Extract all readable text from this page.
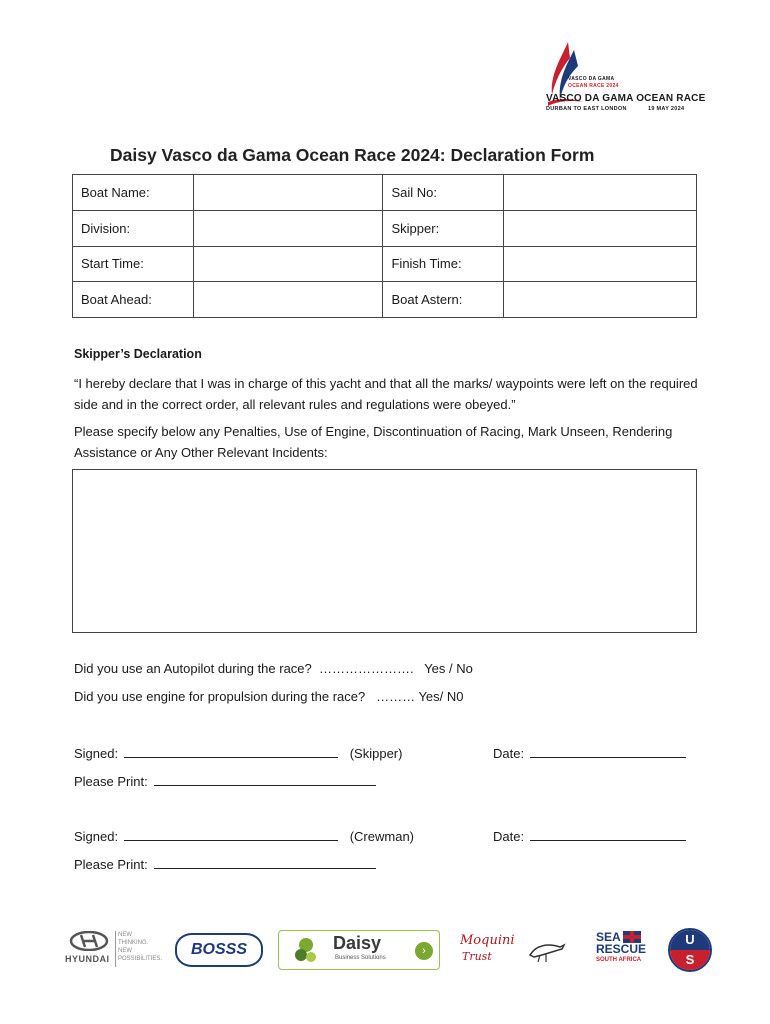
VASCO DA GAMA
OCEAN RACE 2024
VASCO DA GAMA OCEAN RACE
DURBAN TO EAST LONDON	19 MAY 2024
Daisy Vasco da Gama Ocean Race 2024: Declaration Form
Boat Name:		Sail No:	
Division:		Skipper:	
Start Time:		Finish Time:	
Boat Ahead:		Boat Astern:	
Skipper’s Declaration
“I hereby declare that I was in charge of this yacht and that all the marks/ waypoints were left on the required side and in the correct order, all relevant rules and regulations were obeyed.”
Please specify below any Penalties, Use of Engine, Discontinuation of Racing, Mark Unseen, Rendering Assistance or Any Other Relevant Incidents:
Did you use an Autopilot during the race?  ………………….   Yes / No
Did you use engine for propulsion during the race?   ……… Yes/ N0
Signed:	(Skipper)	Date:
Please Print:
Signed:	(Crewman)	Date:
Please Print:
HYUNDAI
NEW
THINKING.
NEW
POSSIBILITIES.
BOSSS	Daisy
Business Solutions
›
Moquini
Trust
SEA
RESCUE
SOUTH AFRICA
U
S
